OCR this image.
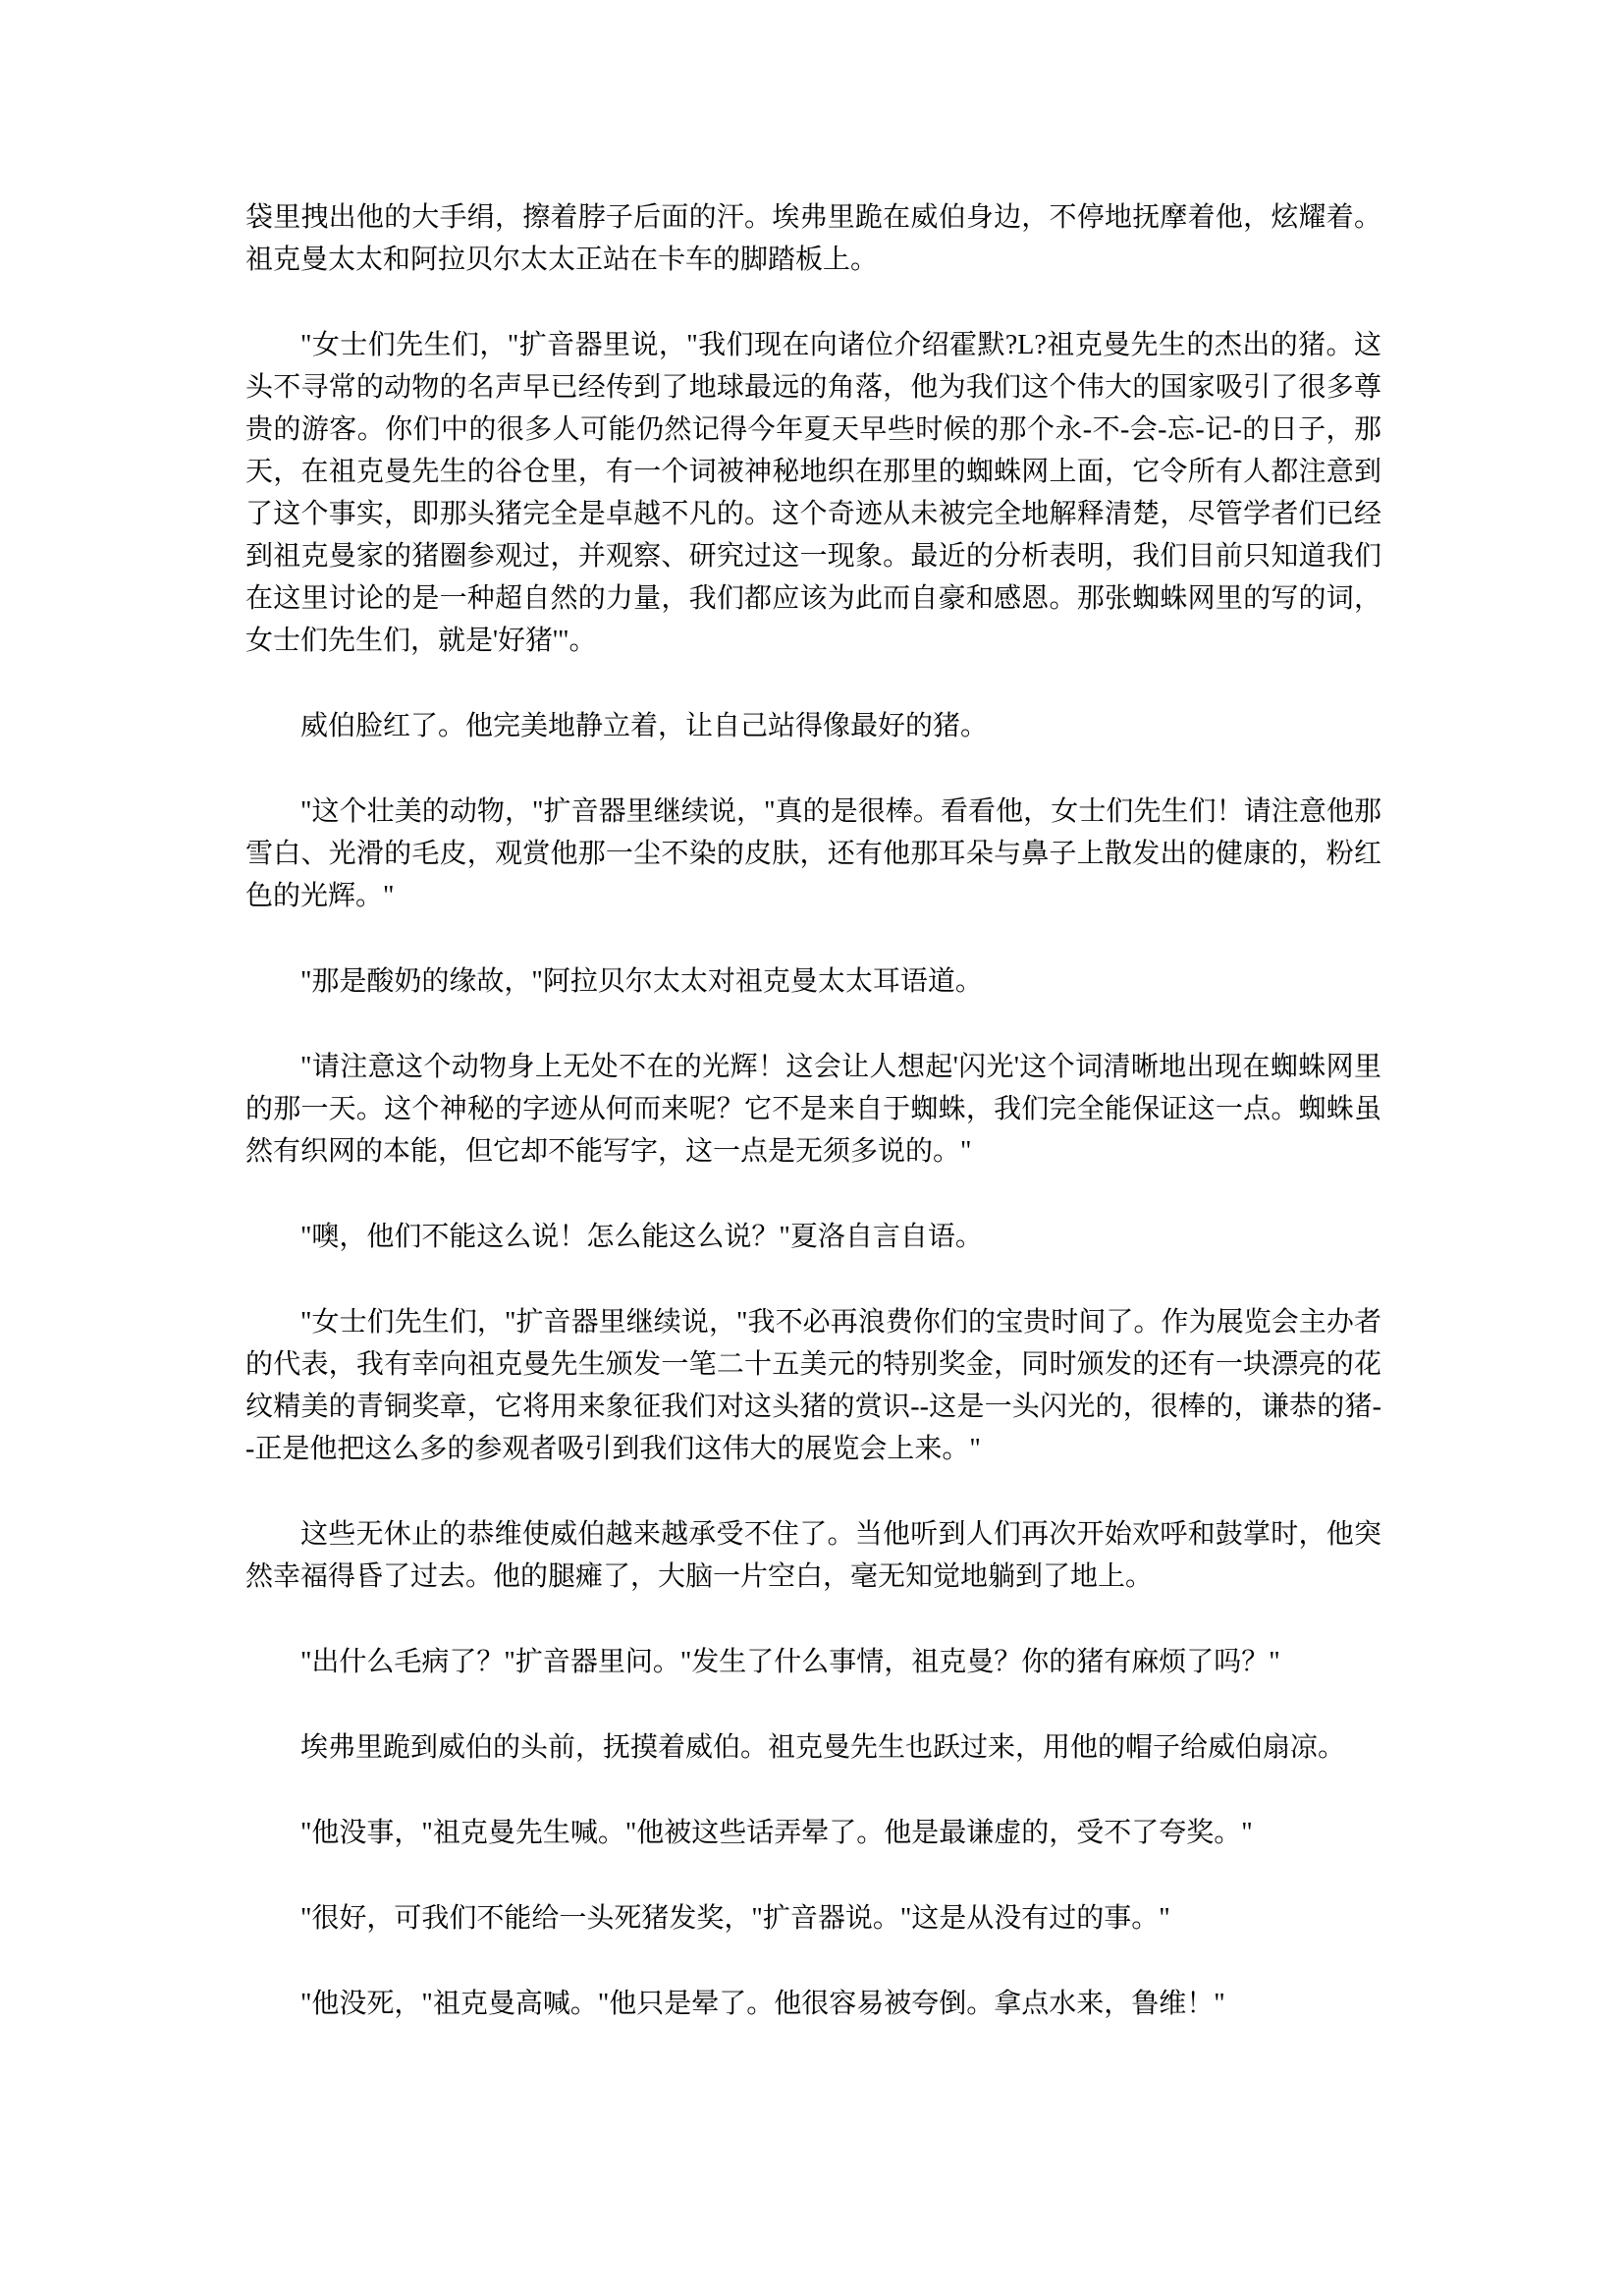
袋里拽出他的大手绢，擦着脖子后面的汗。埃弗里跪在威伯身边，不停地抚摩着他，炫耀着。祖克曼太太和阿拉贝尔太太正站在卡车的脚踏板上。

"女士们先生们，"扩音器里说，"我们现在向诸位介绍霍默?L?祖克曼先生的杰出的猪。这头不寻常的动物的名声早已经传到了地球最远的角落，他为我们这个伟大的国家吸引了很多尊贵的游客。你们中的很多人可能仍然记得今年夏天早些时候的那个永-不-会-忘-记-的日子，那天，在祖克曼先生的谷仓里，有一个词被神秘地织在那里的蜘蛛网上面，它令所有人都注意到了这个事实，即那头猪完全是卓越不凡的。这个奇迹从未被完全地解释清楚，尽管学者们已经到祖克曼家的猪圈参观过，并观察、研究过这一现象。最近的分析表明，我们目前只知道我们在这里讨论的是一种超自然的力量，我们都应该为此而自豪和感恩。那张蜘蛛网里的写的词，女士们先生们，就是'好猪'"。

威伯脸红了。他完美地静立着，让自己站得像最好的猪。

"这个壮美的动物，"扩音器里继续说，"真的是很棒。看看他，女士们先生们！请注意他那雪白、光滑的毛皮，观赏他那一尘不染的皮肤，还有他那耳朵与鼻子上散发出的健康的，粉红色的光辉。"

"那是酸奶的缘故，"阿拉贝尔太太对祖克曼太太耳语道。

"请注意这个动物身上无处不在的光辉！这会让人想起'闪光'这个词清晰地出现在蜘蛛网里的那一天。这个神秘的字迹从何而来呢？它不是来自于蜘蛛，我们完全能保证这一点。蜘蛛虽然有织网的本能，但它却不能写字，这一点是无须多说的。"

"噢，他们不能这么说！怎么能这么说？"夏洛自言自语。

"女士们先生们，"扩音器里继续说，"我不必再浪费你们的宝贵时间了。作为展览会主办者的代表，我有幸向祖克曼先生颁发一笔二十五美元的特别奖金，同时颁发的还有一块漂亮的花纹精美的青铜奖章，它将用来象征我们对这头猪的赏识--这是一头闪光的，很棒的，谦恭的猪--正是他把这么多的参观者吸引到我们这伟大的展览会上来。"

这些无休止的恭维使威伯越来越承受不住了。当他听到人们再次开始欢呼和鼓掌时，他突然幸福得昏了过去。他的腿瘫了，大脑一片空白，毫无知觉地躺到了地上。

"出什么毛病了？"扩音器里问。"发生了什么事情，祖克曼？你的猪有麻烦了吗？"

埃弗里跪到威伯的头前，抚摸着威伯。祖克曼先生也跃过来，用他的帽子给威伯扇凉。

"他没事，"祖克曼先生喊。"他被这些话弄晕了。他是最谦虚的，受不了夸奖。"

"很好，可我们不能给一头死猪发奖，"扩音器说。"这是从没有过的事。"

"他没死，"祖克曼高喊。"他只是晕了。他很容易被夸倒。拿点水来，鲁维！"
